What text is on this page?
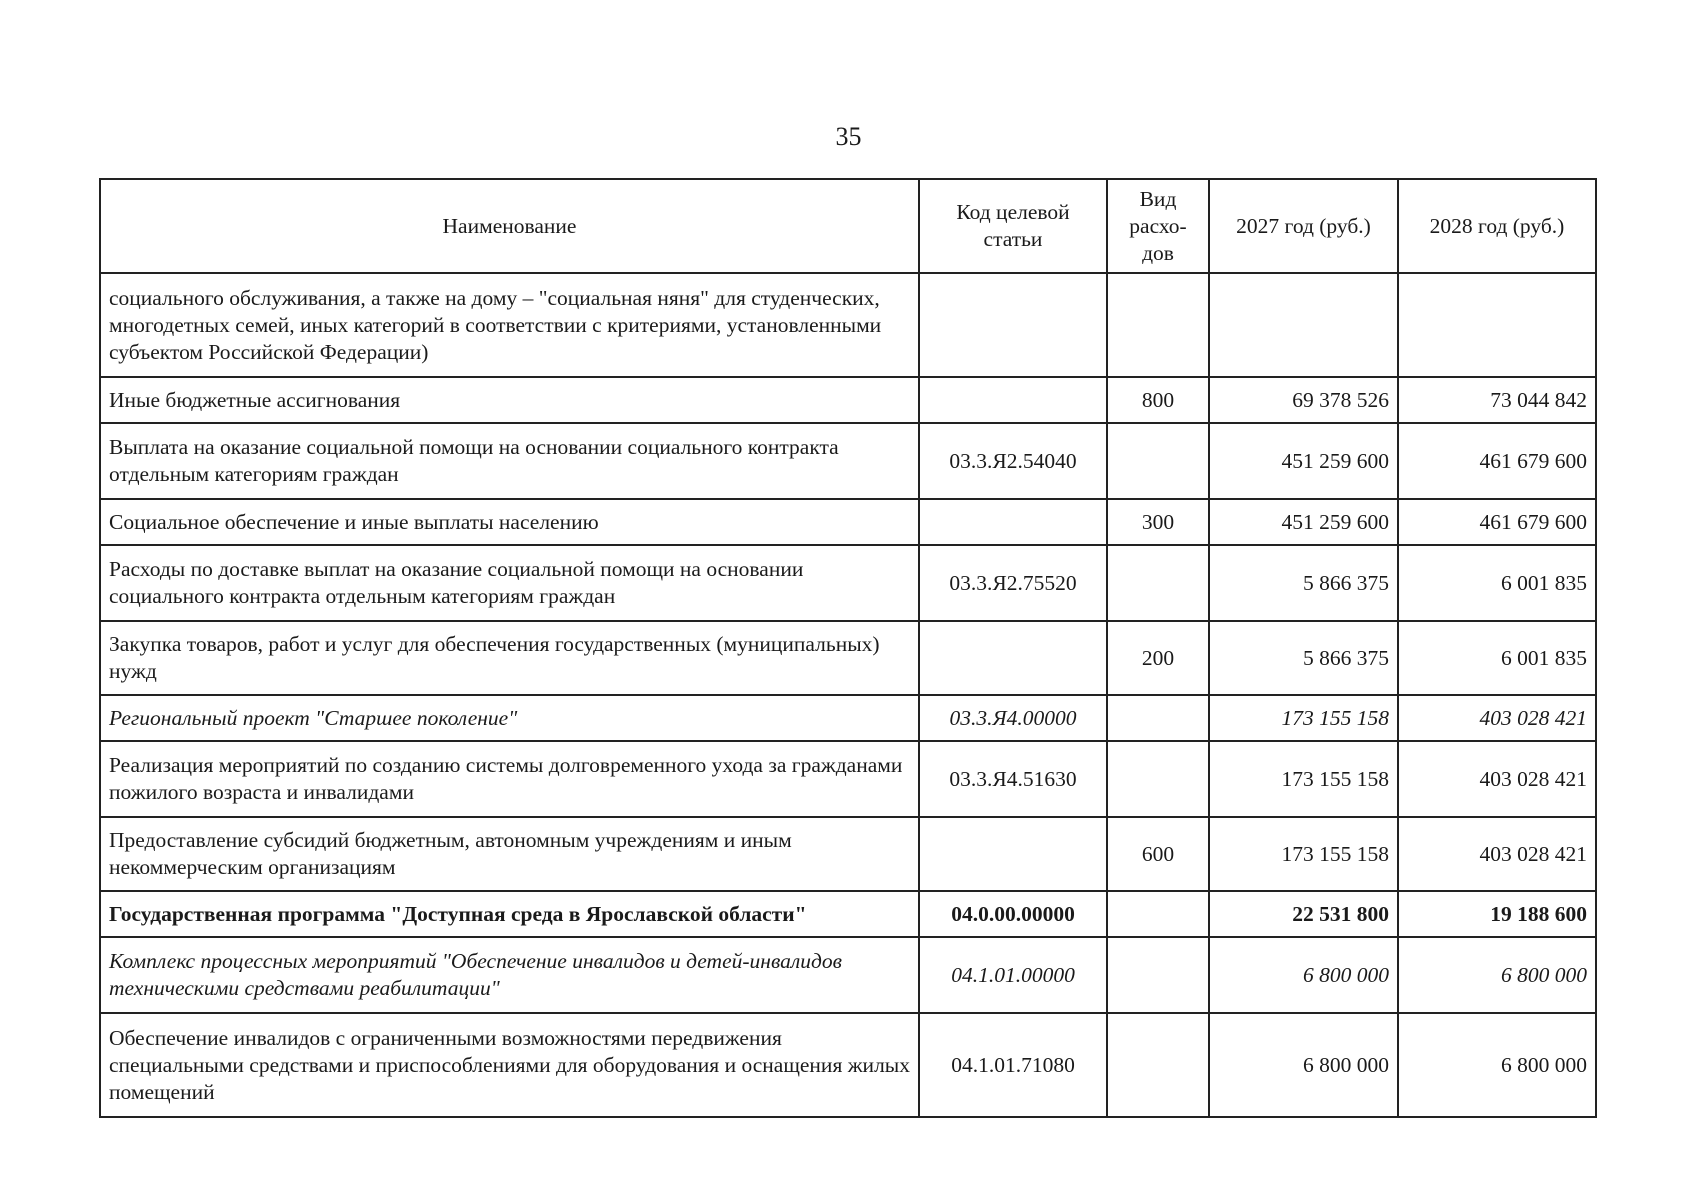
35
Наименование	Код целевой статьи	Вид расхо- дов	2027 год (руб.)	2028 год (руб.)
социального обслуживания, а также на дому – "социальная няня" для студенческих, многодетных семей, иных категорий в соответствии с критериями, установленными субъектом Российской Федерации)				
Иные бюджетные ассигнования		800	69 378 526	73 044 842
Выплата на оказание социальной помощи на основании социального контракта отдельным категориям граждан	03.3.Я2.54040		451 259 600	461 679 600
Социальное обеспечение и иные выплаты населению		300	451 259 600	461 679 600
Расходы по доставке выплат на оказание социальной помощи на основании социального контракта отдельным категориям граждан	03.3.Я2.75520		5 866 375	6 001 835
Закупка товаров, работ и услуг для обеспечения государственных (муниципальных) нужд		200	5 866 375	6 001 835
Региональный проект "Старшее поколение"	03.3.Я4.00000		173 155 158	403 028 421
Реализация мероприятий по созданию системы долговременного ухода за гражданами пожилого возраста и инвалидами	03.3.Я4.51630		173 155 158	403 028 421
Предоставление субсидий бюджетным, автономным учреждениям и иным некоммерческим организациям		600	173 155 158	403 028 421
Государственная программа "Доступная среда в Ярославской области"	04.0.00.00000		22 531 800	19 188 600
Комплекс процессных мероприятий "Обеспечение инвалидов и детей-инвалидов техническими средствами реабилитации"	04.1.01.00000		6 800 000	6 800 000
Обеспечение инвалидов с ограниченными возможностями передвижения специальными средствами и приспособлениями для оборудования и оснащения жилых помещений	04.1.01.71080		6 800 000	6 800 000
